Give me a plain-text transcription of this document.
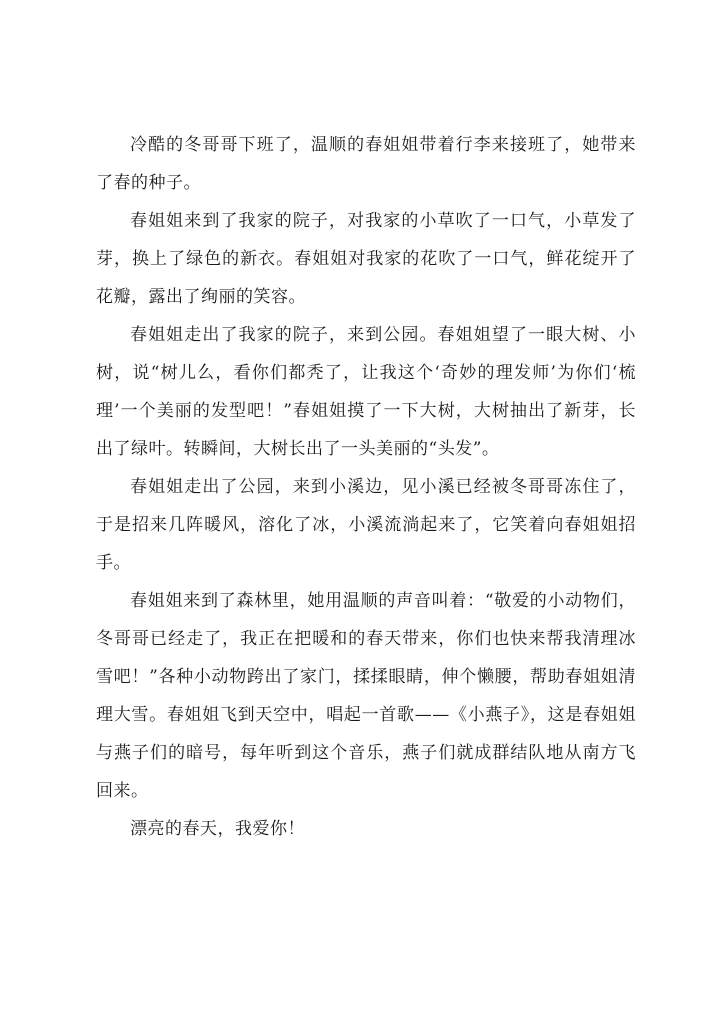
冷酷的冬哥哥下班了，温顺的春姐姐带着行李来接班了，她带来了春的种子。

春姐姐来到了我家的院子，对我家的小草吹了一口气，小草发了芽，换上了绿色的新衣。春姐姐对我家的花吹了一口气，鲜花绽开了花瓣，露出了绚丽的笑容。

春姐姐走出了我家的院子，来到公园。春姐姐望了一眼大树、小树，说“树儿么，看你们都秃了，让我这个‘奇妙的理发师’为你们‘梳理’一个美丽的发型吧！”春姐姐摸了一下大树，大树抽出了新芽，长出了绿叶。转瞬间，大树长出了一头美丽的“头发”。

春姐姐走出了公园，来到小溪边，见小溪已经被冬哥哥冻住了，于是招来几阵暖风，溶化了冰，小溪流淌起来了，它笑着向春姐姐招手。

春姐姐来到了森林里，她用温顺的声音叫着：“敬爱的小动物们，冬哥哥已经走了，我正在把暖和的春天带来，你们也快来帮我清理冰雪吧！”各种小动物跨出了家门，揉揉眼睛，伸个懒腰，帮助春姐姐清理大雪。春姐姐飞到天空中，唱起一首歌——《小燕子》，这是春姐姐与燕子们的暗号，每年听到这个音乐，燕子们就成群结队地从南方飞回来。

漂亮的春天，我爱你！
